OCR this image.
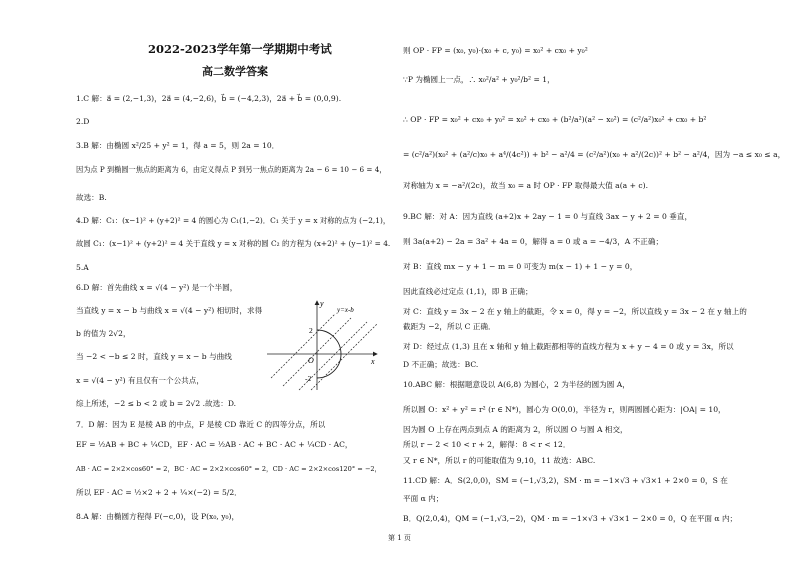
2022-2023学年第一学期期中考试
高二数学答案
1.C 解：a⃗ = (2,−1,3)，2a⃗ = (4,−2,6)，b⃗ = (−4,2,3)，2a⃗ + b⃗ = (0,0,9).
2.D
3.B 解：由椭圆 x²/25 + y² = 1，得 a = 5，则 2a = 10．
因为点 P 到椭圆一焦点的距离为 6，由定义得点 P 到另一焦点的距离为 2a − 6 = 10 − 6 = 4，
故选：B.
4.D 解：C₁：(x−1)² + (y+2)² = 4 的圆心为 C₁(1,−2)．C₁ 关于 y = x 对称的点为 (−2,1)，
故圆 C₁：(x−1)² + (y+2)² = 4 关于直线 y = x 对称的圆 C₂ 的方程为 (x+2)² + (y−1)² = 4.
5.A
6.D 解：首先曲线 x = √(4 − y²) 是一个半圆，
当直线 y = x − b 与曲线 x = √(4 − y²) 相切时，求得
b 的值为 2√2，
当 −2 < −b ≤ 2 时，直线 y = x − b 与曲线
x = √(4 − y²) 有且仅有一个公共点，
综上所述，−2 ≤ b < 2 或 b = 2√2 .故选：D.
7．D 解：因为 E 是棱 AB 的中点，F 是棱 CD 靠近 C 的四等分点，所以
EF = ½AB + BC + ¼CD，EF · AC = ½AB · AC + BC · AC + ¼CD · AC，
AB · AC = 2×2×cos60° = 2，BC · AC = 2×2×cos60° = 2，CD · AC = 2×2×cos120° = −2，
所以 EF · AC = ½×2 + 2 + ¼×(−2) = 5/2．
8.A 解：由椭圆方程得 F(−c,0)，设 P(x₀, y₀)，
y
x
O
2
-2
y=x-b
则 OP · FP = (x₀, y₀)·(x₀ + c, y₀) = x₀² + cx₀ + y₀²
∵P 为椭圆上一点，∴ x₀²/a² + y₀²/b² = 1，
∴ OP · FP = x₀² + cx₀ + y₀² = x₀² + cx₀ + (b²/a²)(a² − x₀²) = (c²/a²)x₀² + cx₀ + b²
= (c²/a²)(x₀² + (a²/c)x₀ + a⁴/(4c²)) + b² − a²/4 = (c²/a²)(x₀ + a²/(2c))² + b² − a²/4，因为 −a ≤ x₀ ≤ a，
对称轴为 x = −a²/(2c)，故当 x₀ = a 时 OP · FP 取得最大值 a(a + c).
9.BC 解：对 A：因为直线 (a+2)x + 2ay − 1 = 0 与直线 3ax − y + 2 = 0 垂直，
则 3a(a+2) − 2a = 3a² + 4a = 0，解得 a = 0 或 a = −4/3，A 不正确；
对 B：直线 mx − y + 1 − m = 0 可变为 m(x − 1) + 1 − y = 0，
因此直线必过定点 (1,1)，即 B 正确；
对 C：直线 y = 3x − 2 在 y 轴上的截距，令 x = 0，得 y = −2，所以直线 y = 3x − 2 在 y 轴上的
截距为 −2，所以 C 正确．
对 D：经过点 (1,3) 且在 x 轴和 y 轴上截距都相等的直线方程为 x + y − 4 = 0 或 y = 3x，所以
D 不正确；故选：BC.
10.ABC 解：根据题意设以 A(6,8) 为圆心，2 为半径的圆为圆 A，
所以圆 O：x² + y² = r² (r ∈ N*)，圆心为 O(0,0)，半径为 r，则两圆圆心距为：|OA| = 10，
因为圆 O 上存在两点到点 A 的距离为 2，所以圆 O 与圆 A 相交，
所以 r − 2 < 10 < r + 2，解得：8 < r < 12．
又 r ∈ N*，所以 r 的可能取值为 9,10，11 故选：ABC.
11.CD 解：A．S(2,0,0)，SM = (−1,√3,2)，SM · m = −1×√3 + √3×1 + 2×0 = 0，S 在
平面 α 内；
B．Q(2,0,4)，QM = (−1,√3,−2)，QM · m = −1×√3 + √3×1 − 2×0 = 0，Q 在平面 α 内；
第 1 页
